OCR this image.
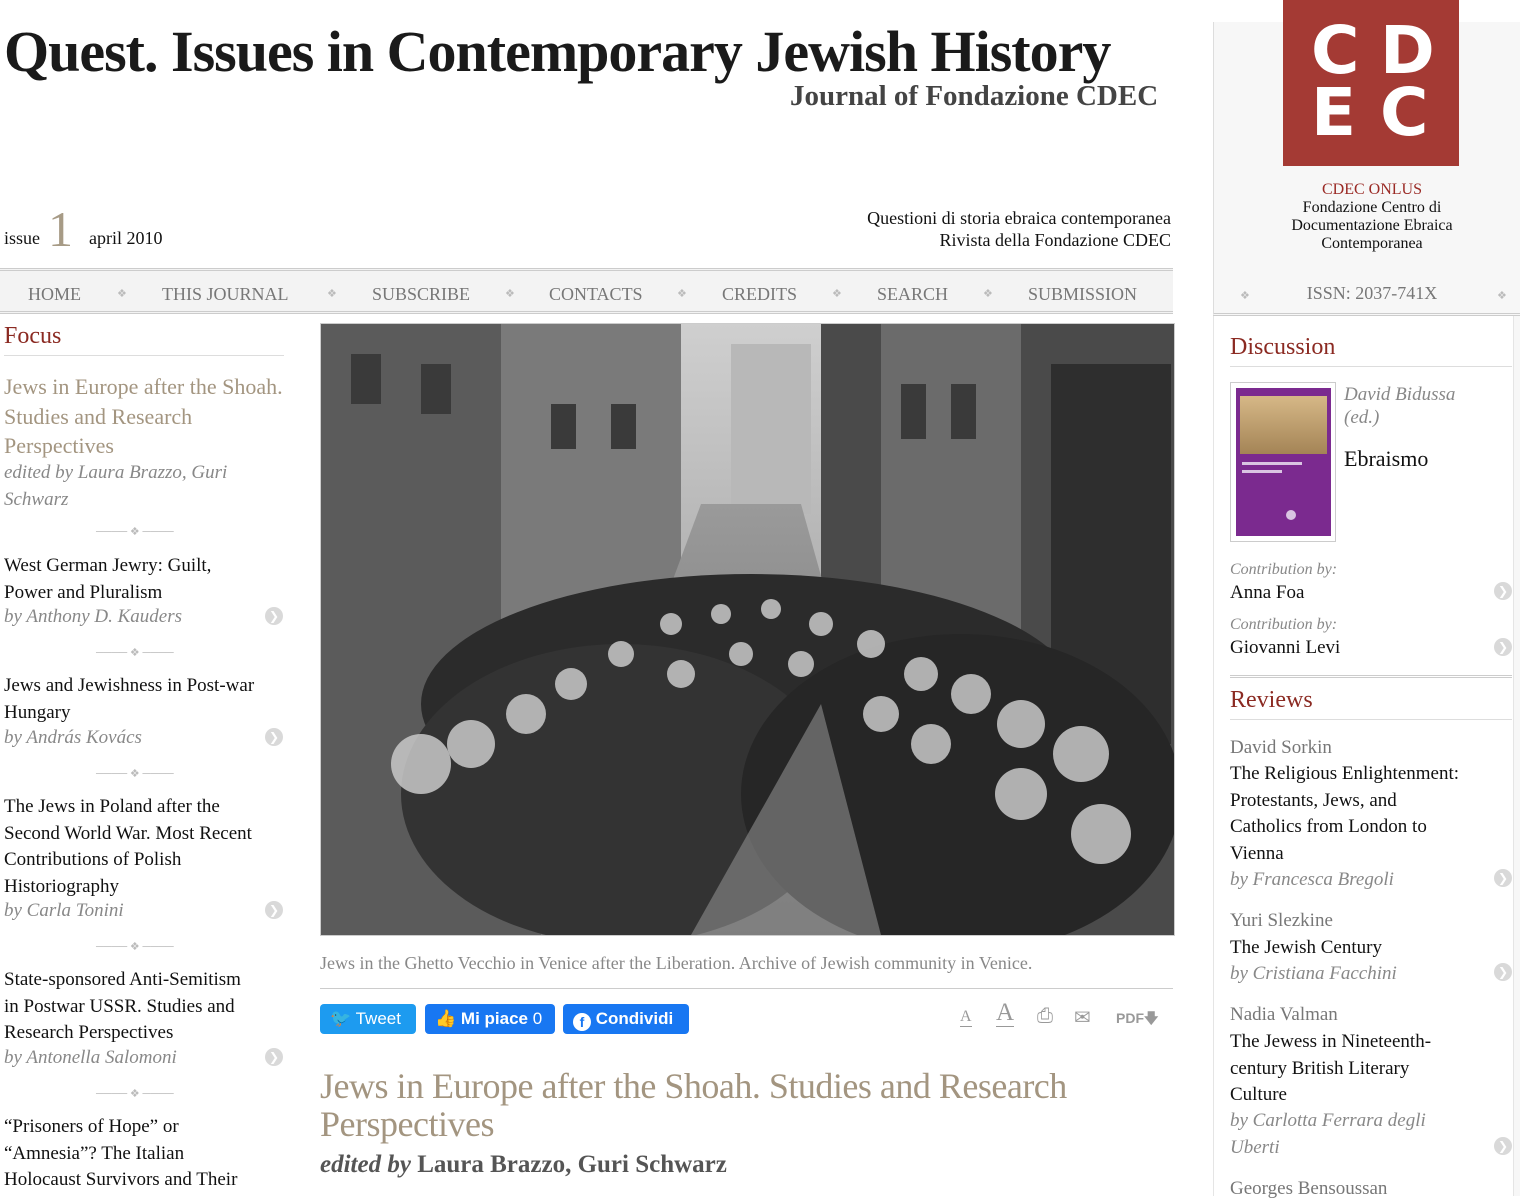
Quest. Issues in Contemporary Jewish History
Journal of Fondazione CDEC
issue 1 april 2010
Questioni di storia ebraica contemporanea
Rivista della Fondazione CDEC
HOME	❖ THIS JOURNAL	❖ SUBSCRIBE	❖ CONTACTS	❖ CREDITS	❖ SEARCH	❖ SUBMISSION
C D
E C
CDEC ONLUS
Fondazione Centro di
Documentazione Ebraica
Contemporanea
❖	ISSN: 2037-741X	❖
Focus
Jews in Europe after the Shoah. Studies and Research Perspectives
edited by Laura Brazzo, Guri Schwarz
──── ❖ ────
West German Jewry: Guilt,
Power and Pluralism
by Anthony D. Kauders	❯
──── ❖ ────
Jews and Jewishness in Post-war
Hungary
by András Kovács	❯
──── ❖ ────
The Jews in Poland after the
Second World War. Most Recent
Contributions of Polish
Historiography
by Carla Tonini	❯
──── ❖ ────
State-sponsored Anti-Semitism
in Postwar USSR. Studies and
Research Perspectives
by Antonella Salomoni	❯
──── ❖ ────
“Prisoners of Hope” or
“Amnesia”? The Italian
Holocaust Survivors and Their
Jews in the Ghetto Vecchio in Venice after the Liberation. Archive of Jewish community in Venice.
🐦 Tweet	👍 Mi piace 0	f Condividi	A A ⎙ ✉ PDF🡇
Jews in Europe after the Shoah. Studies and Research Perspectives
edited by Laura Brazzo, Guri Schwarz
Discussion
David Bidussa
(ed.)
Ebraismo
Contribution by:
Anna Foa	❯
Contribution by:
Giovanni Levi	❯
Reviews
David Sorkin
The Religious Enlightenment:
Protestants, Jews, and
Catholics from London to
Vienna
by Francesca Bregoli	❯
Yuri Slezkine
The Jewish Century
by Cristiana Facchini	❯
Nadia Valman
The Jewess in Nineteenth-
century British Literary
Culture
by Carlotta Ferrara degli
Uberti	❯
Georges Bensoussan
